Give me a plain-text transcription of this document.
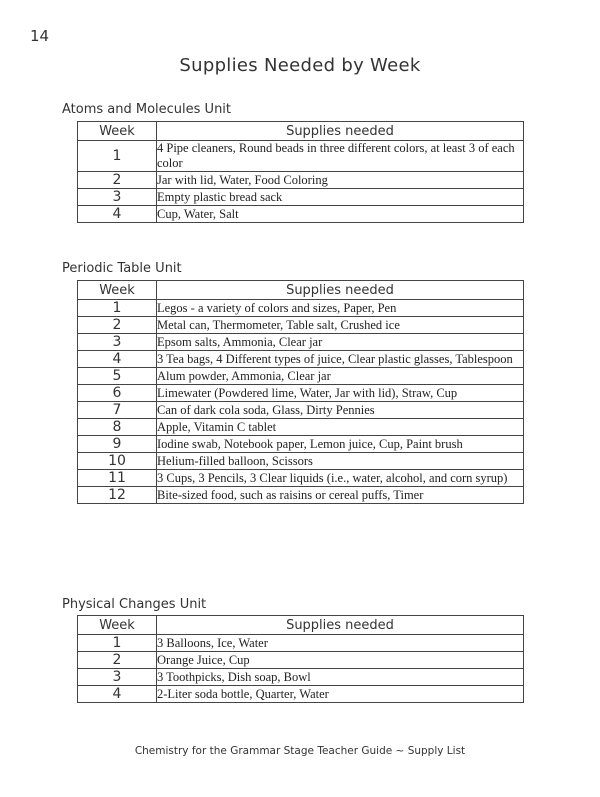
14
Supplies Needed by Week
Atoms and Molecules Unit
Week	Supplies needed
1	4 Pipe cleaners, Round beads in three different colors, at least 3 of each color
2	Jar with lid, Water, Food Coloring
3	Empty plastic bread sack
4	Cup, Water, Salt
Periodic Table Unit
Week	Supplies needed
1	Legos - a variety of colors and sizes, Paper, Pen
2	Metal can, Thermometer, Table salt, Crushed ice
3	Epsom salts, Ammonia, Clear jar
4	3 Tea bags, 4 Different types of juice, Clear plastic glasses, Tablespoon
5	Alum powder, Ammonia, Clear jar
6	Limewater (Powdered lime, Water, Jar with lid), Straw, Cup
7	Can of dark cola soda, Glass, Dirty Pennies
8	Apple, Vitamin C tablet
9	Iodine swab, Notebook paper, Lemon juice, Cup, Paint brush
10	Helium-filled balloon, Scissors
11	3 Cups, 3 Pencils, 3 Clear liquids (i.e., water, alcohol, and corn syrup)
12	Bite-sized food, such as raisins or cereal puffs, Timer
Physical Changes Unit
Week	Supplies needed
1	3 Balloons, Ice, Water
2	Orange Juice, Cup
3	3 Toothpicks, Dish soap, Bowl
4	2-Liter soda bottle, Quarter, Water
Chemistry for the Grammar Stage Teacher Guide ~ Supply List
